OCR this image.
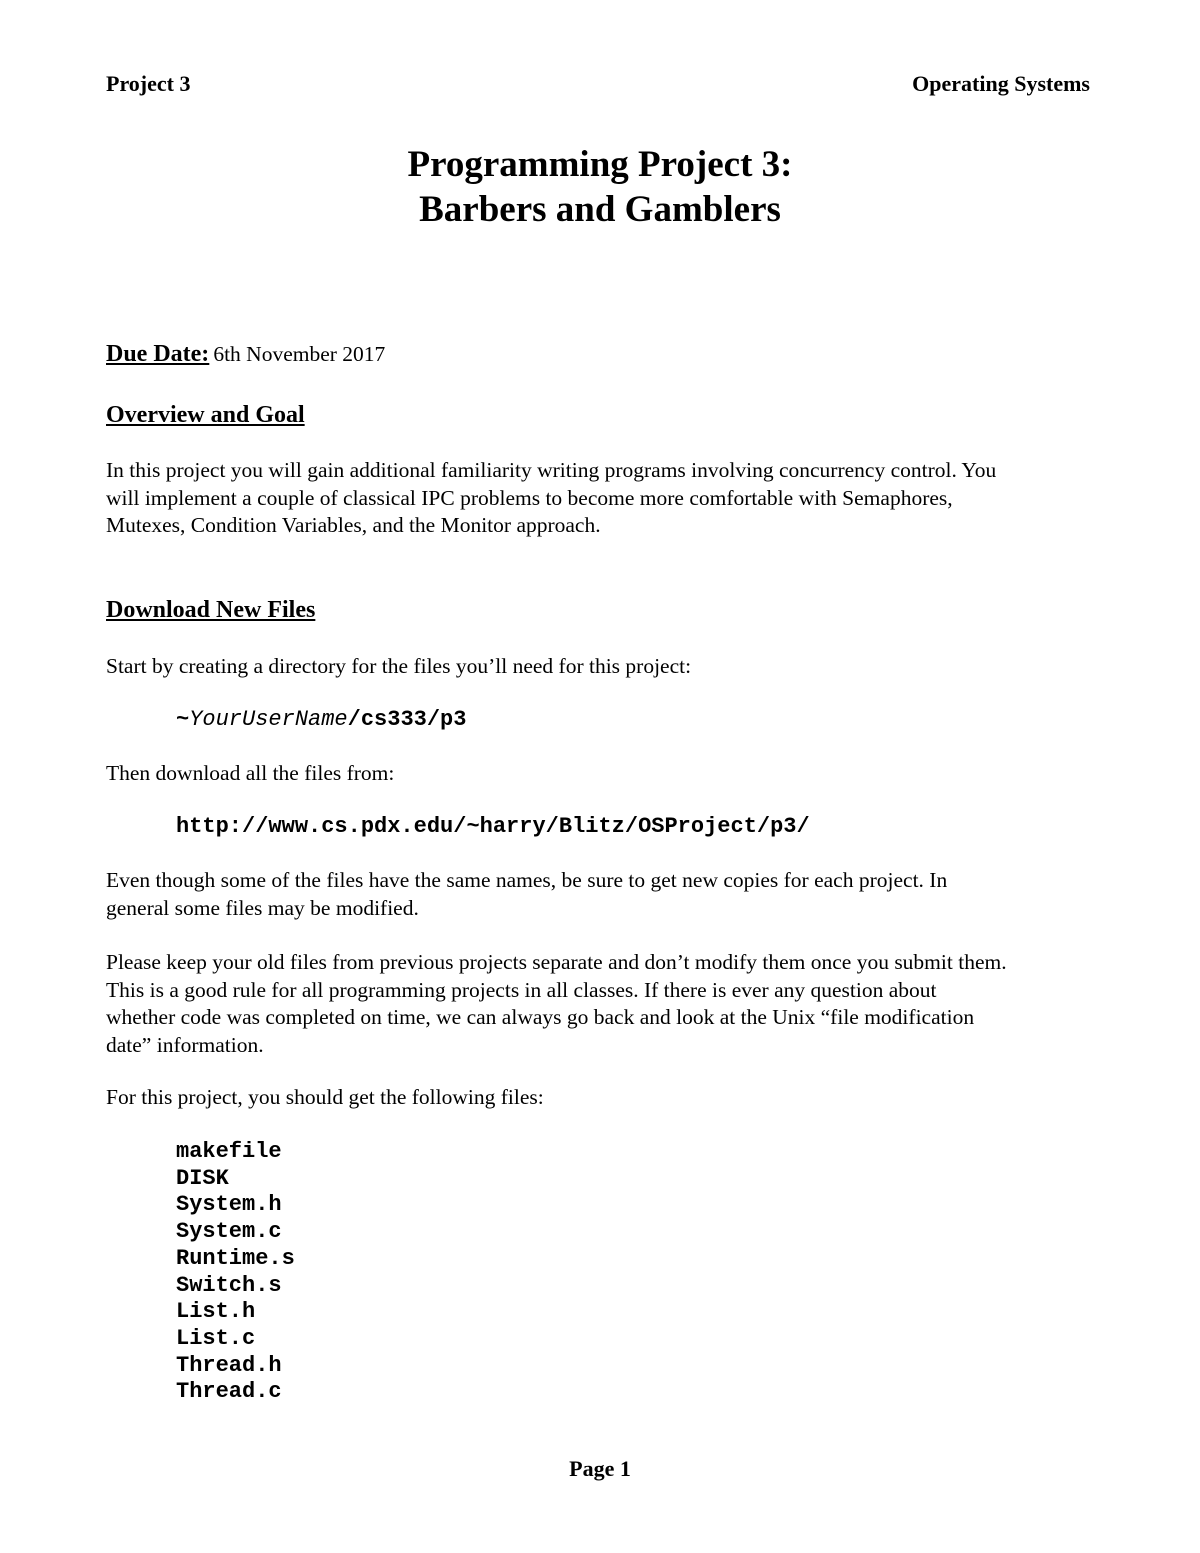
Project 3	Operating Systems
Programming Project 3:
Barbers and Gamblers
Due Date: 6th November 2017
Overview and Goal

In this project you will gain additional familiarity writing programs involving concurrency control. You

will implement a couple of classical IPC problems to become more comfortable with Semaphores,

Mutexes, Condition Variables, and the Monitor approach.

Download New Files

Start by creating a directory for the files you’ll need for this project:

~YourUserName/cs333/p3

Then download all the files from:

http://www.cs.pdx.edu/~harry/Blitz/OSProject/p3/

Even though some of the files have the same names, be sure to get new copies for each project. In

general some files may be modified.

Please keep your old files from previous projects separate and don’t modify them once you submit them.

This is a good rule for all programming projects in all classes. If there is ever any question about

whether code was completed on time, we can always go back and look at the Unix “file modification

date” information.

For this project, you should get the following files:

makefile
DISK
System.h
System.c
Runtime.s
Switch.s
List.h
List.c
Thread.h
Thread.c
Page 1
